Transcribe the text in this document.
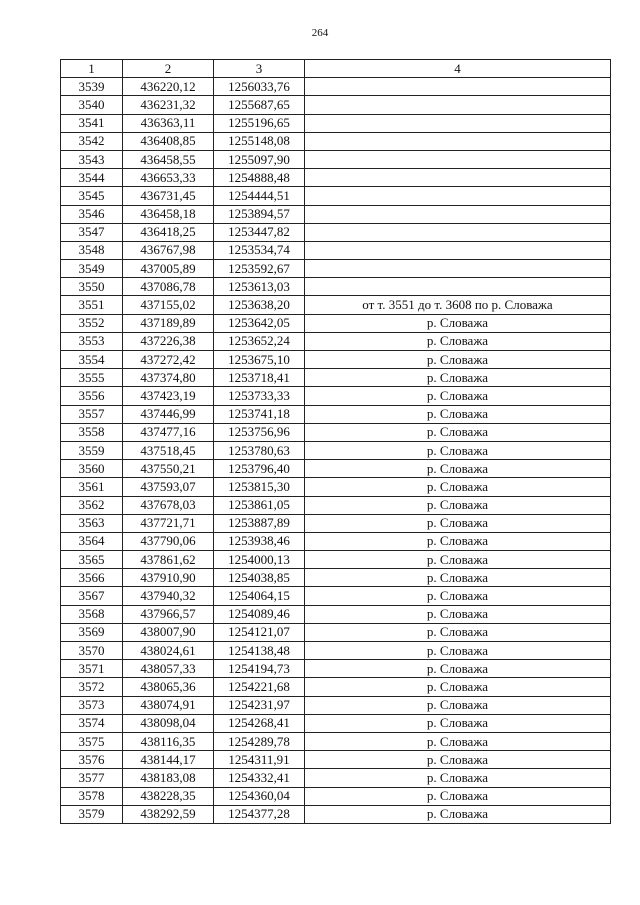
264
1	2	3	4
3539	436220,12	1256033,76	
3540	436231,32	1255687,65	
3541	436363,11	1255196,65	
3542	436408,85	1255148,08	
3543	436458,55	1255097,90	
3544	436653,33	1254888,48	
3545	436731,45	1254444,51	
3546	436458,18	1253894,57	
3547	436418,25	1253447,82	
3548	436767,98	1253534,74	
3549	437005,89	1253592,67	
3550	437086,78	1253613,03	
3551	437155,02	1253638,20	от т. 3551 до т. 3608 по р. Словажа
3552	437189,89	1253642,05	р. Словажа
3553	437226,38	1253652,24	р. Словажа
3554	437272,42	1253675,10	р. Словажа
3555	437374,80	1253718,41	р. Словажа
3556	437423,19	1253733,33	р. Словажа
3557	437446,99	1253741,18	р. Словажа
3558	437477,16	1253756,96	р. Словажа
3559	437518,45	1253780,63	р. Словажа
3560	437550,21	1253796,40	р. Словажа
3561	437593,07	1253815,30	р. Словажа
3562	437678,03	1253861,05	р. Словажа
3563	437721,71	1253887,89	р. Словажа
3564	437790,06	1253938,46	р. Словажа
3565	437861,62	1254000,13	р. Словажа
3566	437910,90	1254038,85	р. Словажа
3567	437940,32	1254064,15	р. Словажа
3568	437966,57	1254089,46	р. Словажа
3569	438007,90	1254121,07	р. Словажа
3570	438024,61	1254138,48	р. Словажа
3571	438057,33	1254194,73	р. Словажа
3572	438065,36	1254221,68	р. Словажа
3573	438074,91	1254231,97	р. Словажа
3574	438098,04	1254268,41	р. Словажа
3575	438116,35	1254289,78	р. Словажа
3576	438144,17	1254311,91	р. Словажа
3577	438183,08	1254332,41	р. Словажа
3578	438228,35	1254360,04	р. Словажа
3579	438292,59	1254377,28	р. Словажа
